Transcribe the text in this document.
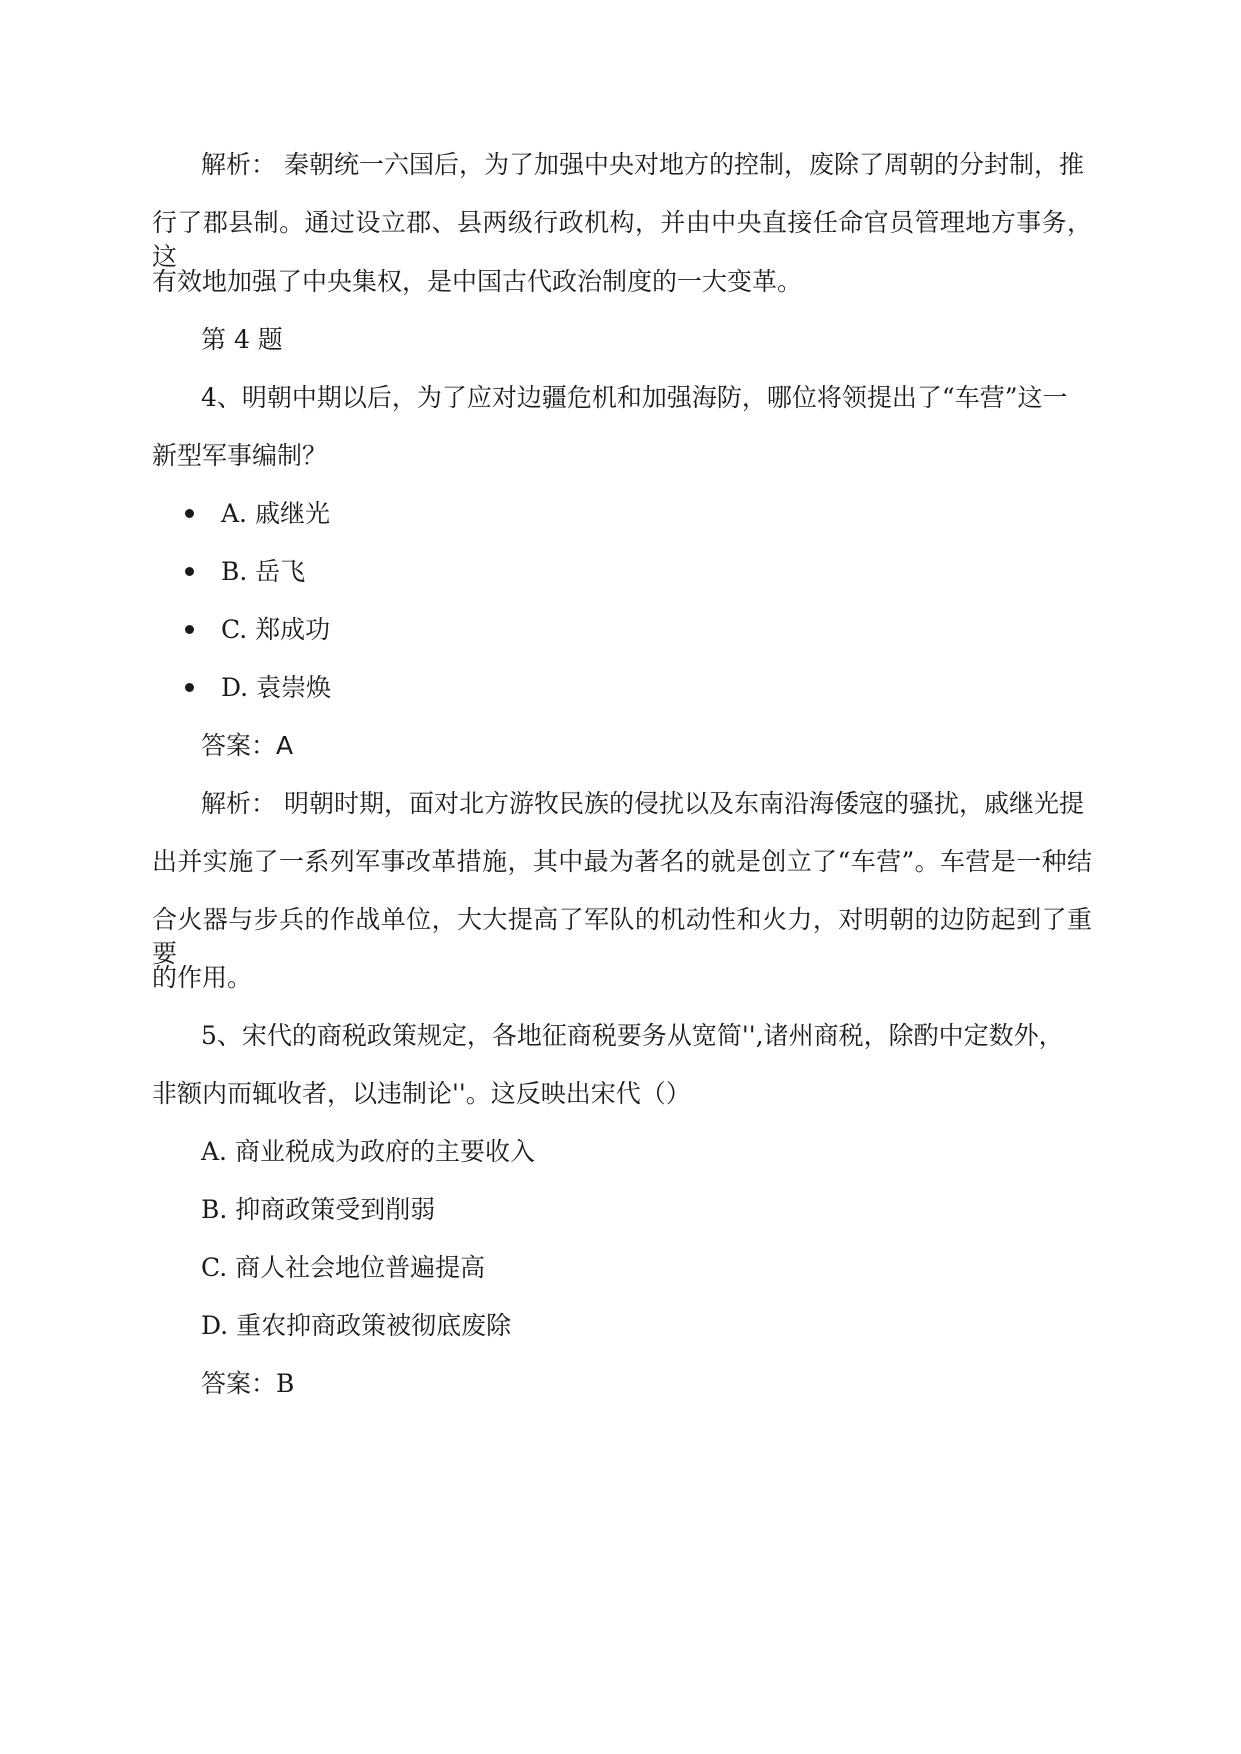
解析： 秦朝统一六国后，为了加强中央对地方的控制，废除了周朝的分封制，推
行了郡县制。通过设立郡、县两级行政机构，并由中央直接任命官员管理地方事务，这
有效地加强了中央集权，是中国古代政治制度的一大变革。
第 4 题
4、明朝中期以后，为了应对边疆危机和加强海防，哪位将领提出了“车营”这一
新型军事编制？
A. 戚继光
B. 岳飞
C. 郑成功
D. 袁崇焕
答案：A
解析： 明朝时期，面对北方游牧民族的侵扰以及东南沿海倭寇的骚扰，戚继光提
出并实施了一系列军事改革措施，其中最为著名的就是创立了“车营”。车营是一种结
合火器与步兵的作战单位，大大提高了军队的机动性和火力，对明朝的边防起到了重要
的作用。
5、宋代的商税政策规定，各地征商税要务从宽简'',诸州商税，除酌中定数外，
非额内而辄收者，以违制论''。这反映出宋代（）
A. 商业税成为政府的主要收入
B. 抑商政策受到削弱
C. 商人社会地位普遍提高
D. 重农抑商政策被彻底废除
答案：B
